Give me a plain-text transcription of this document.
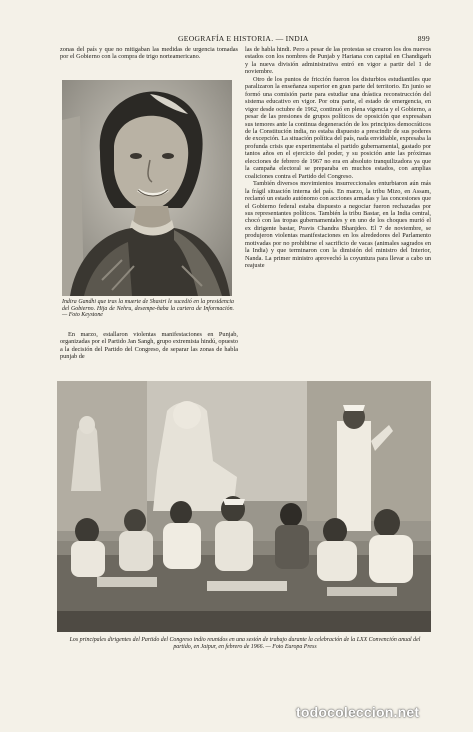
GEOGRAFÍA E HISTORIA. — INDIA	899

zonas del país y que no mitigaban las medidas de urgencia tomadas por el Gobierno con la compra de trigo norteamericano.

Indira Gandhi que tras la muerte de Shastri le sucedió en la presidencia del Gobierno. Hija de Nehru, desempe-ñaba la cartera de Información. — Foto Keystone

En marzo, estallaron violentas manifestaciones en Punjab, organizadas por el Partido Jan Sangh, grupo extremista hindú, opuesto a la decisión del Partido del Congreso, de separar las zonas de habla punjab de

las de habla hindi. Pero a pesar de las protestas se crearon los dos nuevos estados con los nombres de Punjab y Hariana con capital en Chandigarh y la nueva división administrativa entró en vigor a partir del 1 de noviembre.

Otro de los puntos de fricción fueron los disturbios estudiantiles que paralizaron la enseñanza superior en gran parte del territorio. En junio se formó una comisión parte para estudiar una drástica reconstrucción del sistema educativo en vigor. Por otra parte, el estado de emergencia, en vigor desde octubre de 1962, continuó en plena vigencia y el Gobierno, a pesar de las presiones de grupos políticos de oposición que expresaban sus temores ante la continua degeneración de los principios democráticos de la Constitución india, no estaba dispuesto a prescindir de sus poderes de excepción. La situación política del país, nada envidiable, expresaba la profunda crisis que experimentaba el partido gubernamental, gastado por tantos años en el ejercicio del poder, y su posición ante las próximas elecciones de febrero de 1967 no era en absoluto tranquilizadora ya que la campaña electoral se preparaba en muchos estados, con amplias coaliciones contra el Partido del Congreso.

También diversos movimientos insurreccionales enturbiaron aún más la frágil situación interna del país. En marzo, la tribu Mizo, en Assam, reclamó un estado autónomo con acciones armadas y las concesiones que el Gobierno federal estaba dispuesto a negociar fueron rechazadas por sus representantes políticos. También la tribu Bastar, en la India central, chocó con las tropas gubernamentales y en uno de los choques murió el ex dirigente bastar, Pravis Chandra Bhanjdeo. El 7 de noviembre, se produjeron violentas manifestaciones en los alrededores del Parlamento motivadas por no prohibirse el sacrificio de vacas (animales sagrados en la India) y que terminaron con la dimisión del ministro del Interior, Nanda. La primer ministro aprovechó la coyuntura para llevar a cabo un reajuste

Los principales dirigentes del Partido del Congreso indio reunidos en una sesión de trabajo durante la celebración de la LXX Convención anual del partido, en Jaipur, en febrero de 1966. — Foto Europa Press
todocoleccion.net
